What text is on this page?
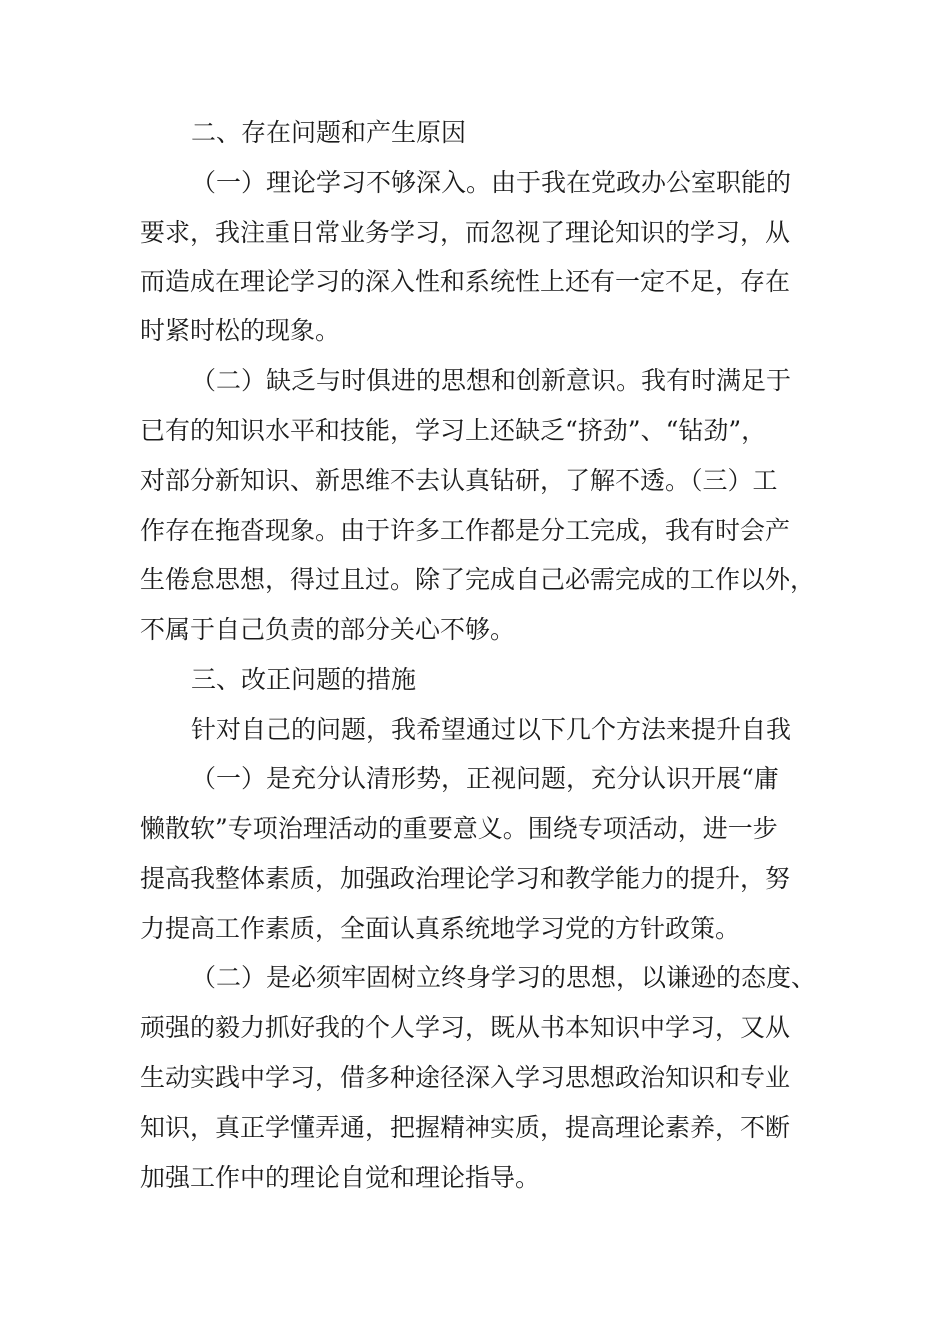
二、存在问题和产生原因
（一）理论学习不够深入。由于我在党政办公室职能的
要求，我注重日常业务学习，而忽视了理论知识的学习，从
而造成在理论学习的深入性和系统性上还有一定不足，存在
时紧时松的现象。
（二）缺乏与时俱进的思想和创新意识。我有时满足于
已有的知识水平和技能，学习上还缺乏“挤劲”、“钻劲”，
对部分新知识、新思维不去认真钻研，了解不透。（三）工
作存在拖沓现象。由于许多工作都是分工完成，我有时会产
生倦怠思想，得过且过。除了完成自己必需完成的工作以外，
不属于自己负责的部分关心不够。
三、改正问题的措施
针对自己的问题，我希望通过以下几个方法来提升自我
（一）是充分认清形势，正视问题，充分认识开展“庸
懒散软”专项治理活动的重要意义。围绕专项活动，进一步
提高我整体素质，加强政治理论学习和教学能力的提升，努
力提高工作素质，全面认真系统地学习党的方针政策。
（二）是必须牢固树立终身学习的思想，以谦逊的态度、
顽强的毅力抓好我的个人学习，既从书本知识中学习，又从
生动实践中学习，借多种途径深入学习思想政治知识和专业
知识，真正学懂弄通，把握精神实质，提高理论素养，不断
加强工作中的理论自觉和理论指导。
